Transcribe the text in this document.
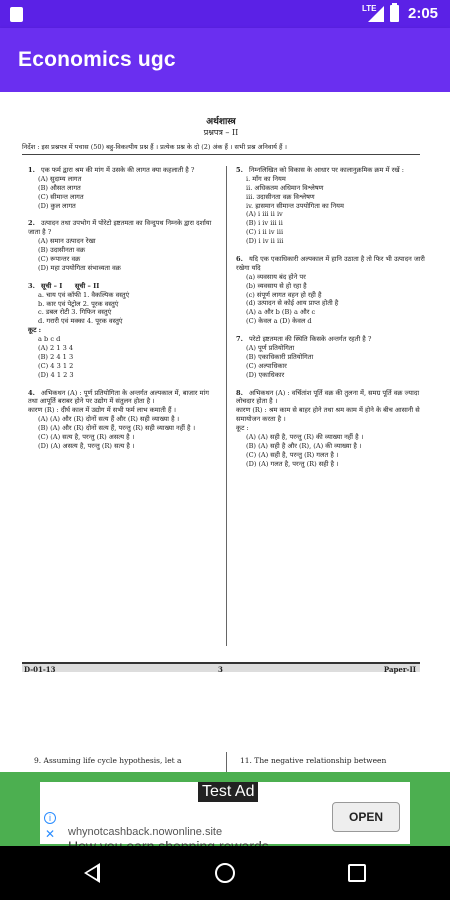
LTE 2:05
Economics ugc
अर्थशास्त्र
प्रश्नपत्र – II
निर्देश : इस प्रश्नपत्र में पचास (50) बहु-विकल्पीय प्रश्न हैं । प्रत्येक प्रश्न के दो (2) अंक हैं । सभी प्रश्न अनिवार्य हैं ।
1. एक फर्म द्वारा श्रम की मांग में उसके की लागत क्या कहलाती है ?
(A) सुदाम्य लागत
(B) औसत लागत
(C) सीमान्त लागत
(D) कुल लागत
2. उत्पादन तथा उपभोग में पोरेटो इष्टतमता का विन्दुपथ निम्नके द्वारा दर्शाया जाता है ?
(A) समान उत्पादन रेखा
(B) उदासीनता वक्र
(C) रूपान्तर वक्र
(D) महा उपयोगिता संभाव्यता वक्र
3. सूची – I सूची – II
a. चाय एवं कॉफी 1. वैकल्पिक वस्तुएं
b. कार एवं पेट्रोल 2. पूरक वस्तुएं
c. डबल रोटी 3. गिफिन वस्तुएं
d. गरारी एवं मक्का 4. पूरक वस्तुएं
कूट :
a b c d
(A) 2 1 3 4
(B) 2 4 1 3
(C) 4 3 1 2
(D) 4 1 2 3
4. अभिकथन (A) : पूर्ण प्रतियोगिता के अन्तर्गत अल्पकाल में, बाजार मांग तथा आपूर्ति बराबर होने पर उद्योग में संतुलन होता है ।
कारण (R) : दीर्घ काल में उद्योग में सभी फर्म लाभ कमाती हैं ।
(A) (A) और (R) दोनों सत्य हैं और (R) सही व्याख्या है ।
(B) (A) और (R) दोनों सत्य हैं, परन्तु (R) सही व्याख्या नहीं है ।
(C) (A) सत्य है, परन्तु (R) असत्य है ।
(D) (A) असत्य है, परन्तु (R) सत्य है ।
5. निम्नलिखित को विकास के आधार पर कालानुक्रमिक क्रम में रखें :
i. माँग का नियम
ii. अधिकतम अधिमान विश्लेषण
iii. उदासीनता वक्र विश्लेषण
iv. ह्रासमान सीमान्त उपयोगिता का नियम
(A) i iii ii iv
(B) i iv iii ii
(C) i ii iv iii
(D) i iv ii iii
6. यदि एक एकाधिकारी अल्पकाल में हानि उठाता है तो फिर भी उत्पादन जारी रखेगा यदि
(a) व्यवसाय बंद होने पर
(b) व्यवसाय से हो रहा है
(c) संपूर्ण लागत वहन हो रही है
(d) उत्पादन से कोई आय प्राप्त होती है
(A) a और b (B) a और c
(C) केवल a (D) केवल d
7. परेटो इष्टतमता की स्थिति किसके अन्तर्गत रहती है ?
(A) पूर्ण प्रतियोगिता
(B) एकाधिकारी प्रतियोगिता
(C) अल्पाधिकार
(D) एकाधिकार
8. अभिकथन (A) : वर्चितांश पूर्ति वक्र की तुलना में, समग्र पूर्ति वक्र ज्यादा लोचदार होता है ।
कारण (R) : श्रम काम से बाहर होने तथा श्रम काम में होने के बीच आसानी से समायोजन करता है ।
कूट :
(A) (A) सही है, परन्तु (R) की व्याख्या नहीं है ।
(B) (A) सही है और (R), (A) की व्याख्या है ।
(C) (A) सही है, परन्तु (R) गलत है ।
(D) (A) गलत है, परन्तु (R) सही है ।
D-01-13	3	Paper-II
9. Assuming life cycle hypothesis, let a	11. The negative relationship between
Test Ad
i
✕ whynotcashback.nowonline.site
OPEN
